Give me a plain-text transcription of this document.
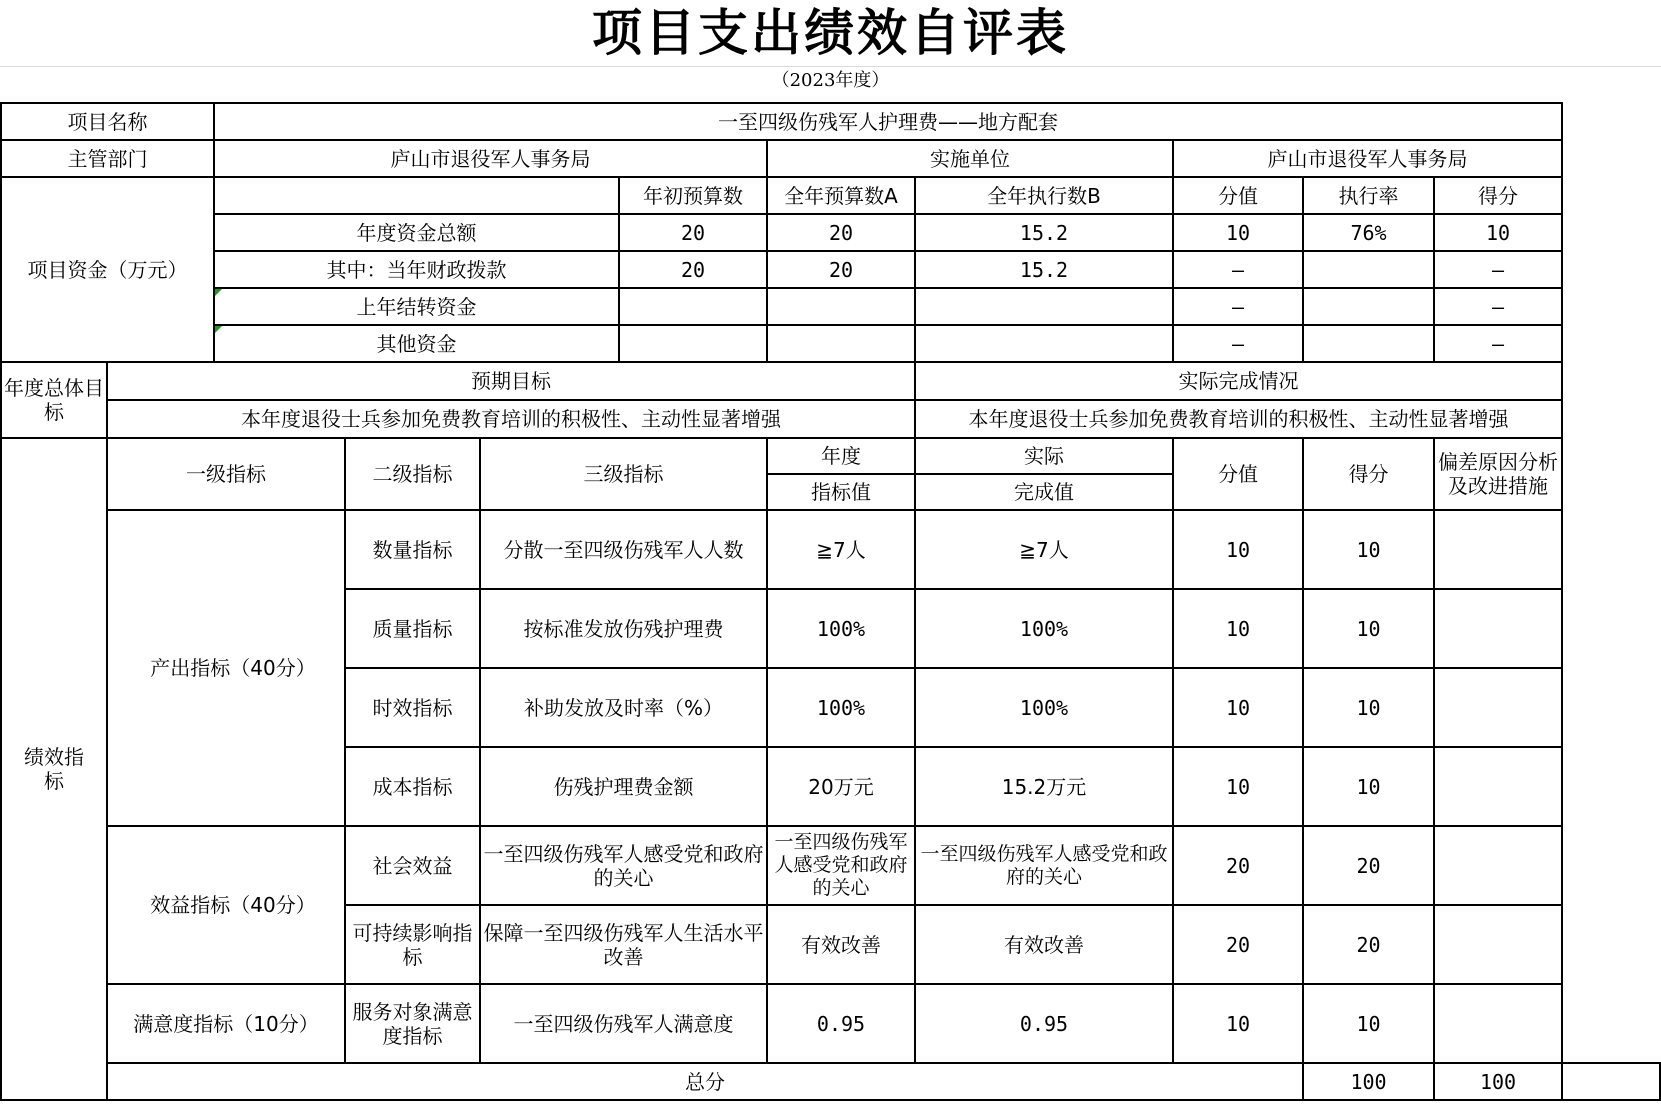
项目支出绩效自评表
（2023年度）
项目名称		一至四级伤残军人护理费——地方配套									
主管部门		庐山市退役军人事务局				实施单位		庐山市退役军人事务局			
项目资金（万元）					年初预算数	全年预算数A	全年执行数B	分值	执行率	得分	
		年度资金总额			20	20	15.2	10	76%	10	
		其中：当年财政拨款			20	20	15.2	—		—	

上年结转资金						—		—	

其他资金						—		—	
年度总体目标	预期目标						实际完成情况				
	本年度退役士兵参加免费教育培训的积极性、主动性显著增强						本年度退役士兵参加免费教育培训的积极性、主动性显著增强				
绩效指标	一级指标		二级指标	三级指标		年度	实际	分值	得分	偏差原因分析及改进措施	
						指标值	完成值				
	产出指标（40分）		数量指标	分散一至四级伤残军人人数		≧7人	≧7人	10	10		
			质量指标	按标准发放伤残护理费		100%	100%	10	10		
			时效指标	补助发放及时率（%）		100%	100%	10	10		
			成本指标	伤残护理费金额		20万元	15.2万元	10	10		
	效益指标（40分）		社会效益	一至四级伤残军人感受党和政府的关心		一至四级伤残军人感受党和政府的关心	一至四级伤残军人感受党和政府的关心	20	20		
			可持续影响指标	保障一至四级伤残军人生活水平改善		有效改善	有效改善	20	20		
	满意度指标（10分）		服务对象满意度指标	一至四级伤残军人满意度		0.95	0.95	10	10		
	总分								100	100	
